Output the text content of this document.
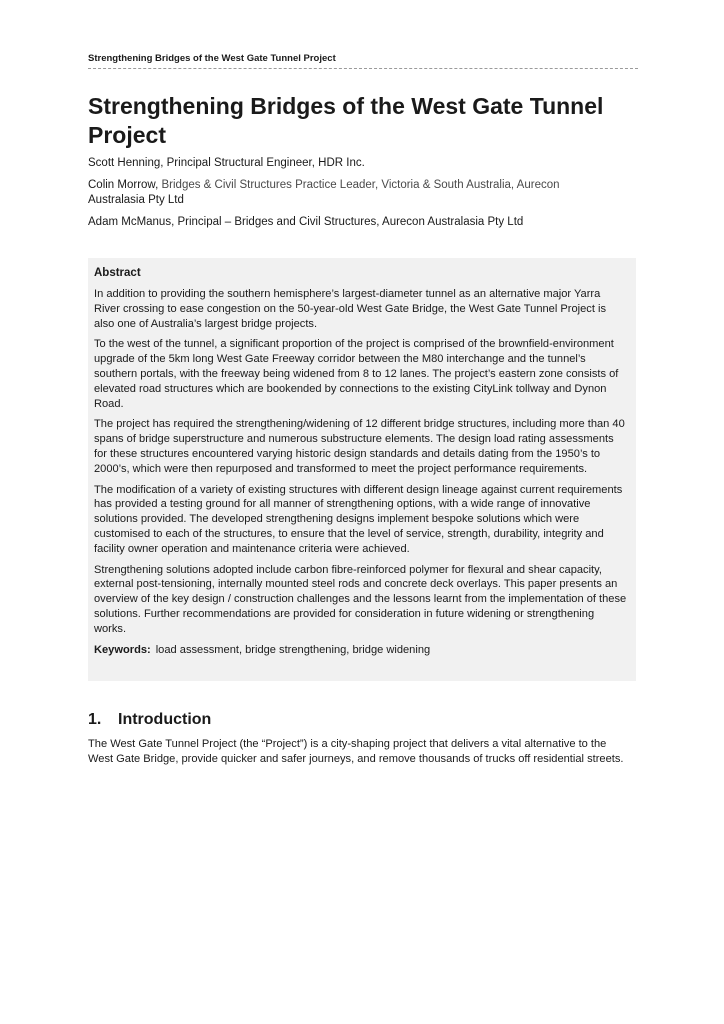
Strengthening Bridges of the West Gate Tunnel Project
Strengthening Bridges of the West Gate Tunnel Project

Scott Henning, Principal Structural Engineer, HDR Inc.

Colin Morrow, Bridges & Civil Structures Practice Leader, Victoria & South Australia, Aurecon
Australasia Pty Ltd

Adam McManus, Principal – Bridges and Civil Structures, Aurecon Australasia Pty Ltd

Abstract

In addition to providing the southern hemisphere’s largest-diameter tunnel as an alternative major Yarra River crossing to ease congestion on the 50-year-old West Gate Bridge, the West Gate Tunnel Project is also one of Australia’s largest bridge projects.

To the west of the tunnel, a significant proportion of the project is comprised of the brownfield-environment upgrade of the 5km long West Gate Freeway corridor between the M80 interchange and the tunnel’s southern portals, with the freeway being widened from 8 to 12 lanes. The project’s eastern zone consists of elevated road structures which are bookended by connections to the existing CityLink tollway and Dynon Road.

The project has required the strengthening/widening of 12 different bridge structures, including more than 40 spans of bridge superstructure and numerous substructure elements. The design load rating assessments for these structures encountered varying historic design standards and details dating from the 1950’s to 2000’s, which were then repurposed and transformed to meet the project performance requirements.

The modification of a variety of existing structures with different design lineage against current requirements has provided a testing ground for all manner of strengthening options, with a wide range of innovative solutions provided. The developed strengthening designs implement bespoke solutions which were customised to each of the structures, to ensure that the level of service, strength, durability, integrity and facility owner operation and maintenance criteria were achieved.

Strengthening solutions adopted include carbon fibre-reinforced polymer for flexural and shear capacity, external post-tensioning, internally mounted steel rods and concrete deck overlays. This paper presents an overview of the key design / construction challenges and the lessons learnt from the implementation of these solutions. Further recommendations are provided for consideration in future widening or strengthening works.

Keywords: load assessment, bridge strengthening, bridge widening
1. Introduction

The West Gate Tunnel Project (the “Project”) is a city-shaping project that delivers a vital alternative to the West Gate Bridge, provide quicker and safer journeys, and remove thousands of trucks off residential streets.
